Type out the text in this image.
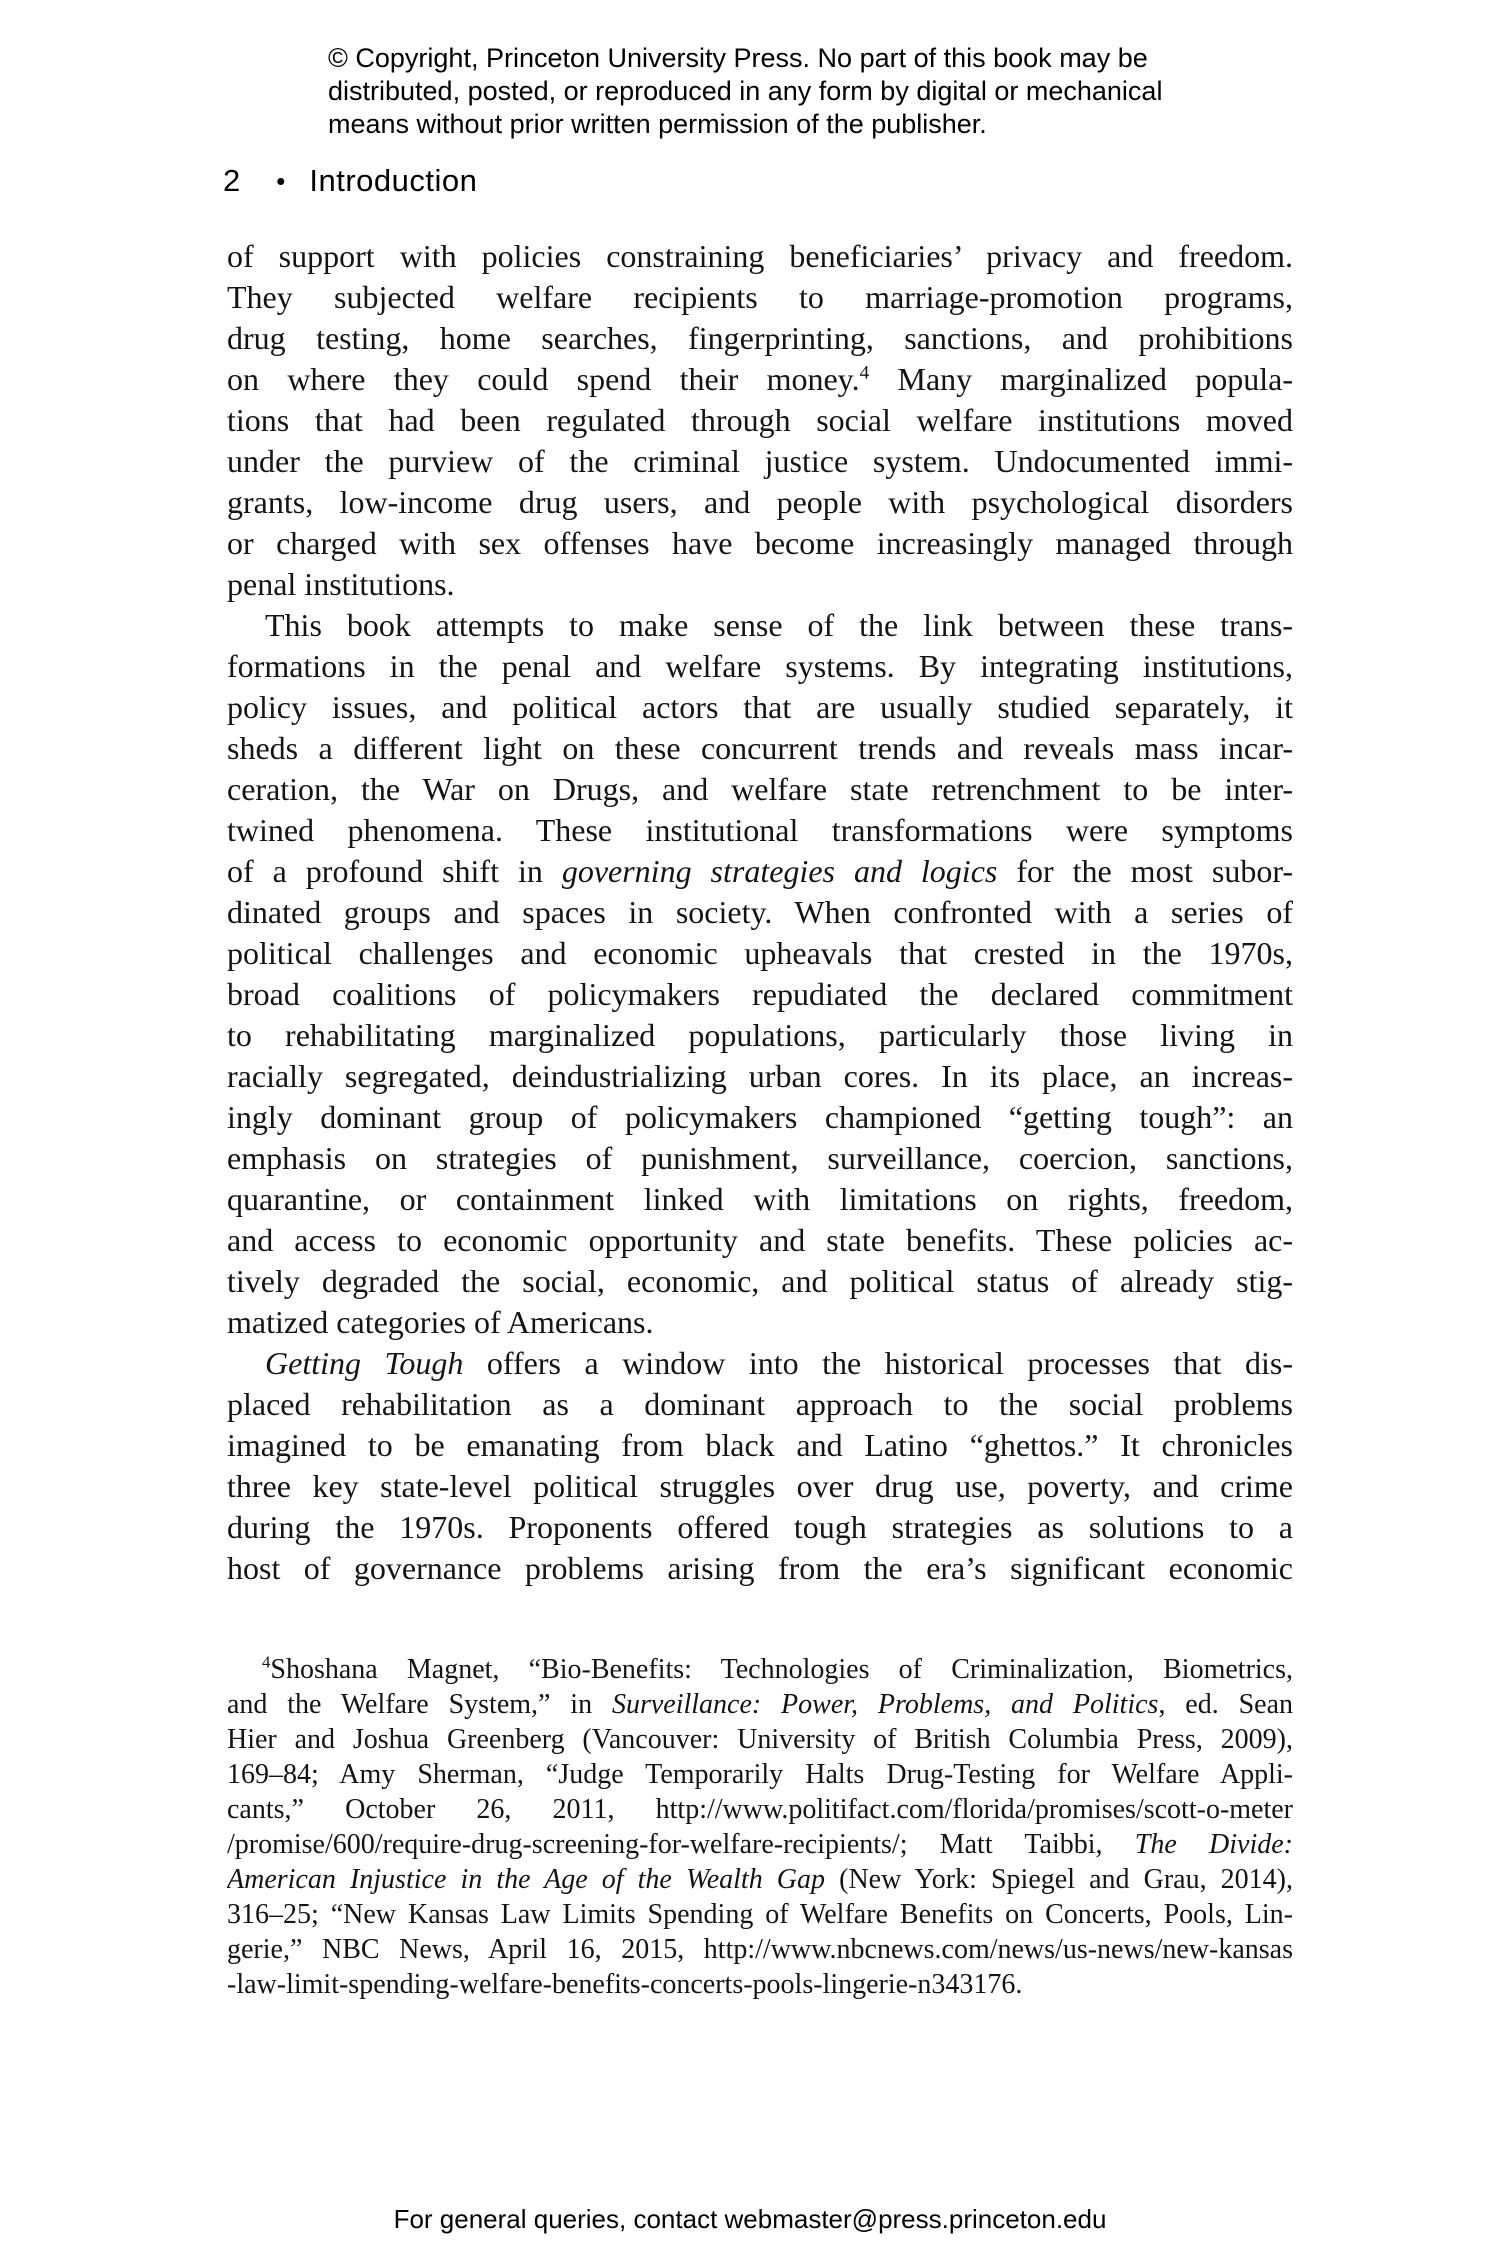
© Copyright, Princeton University Press. No part of this book may be
distributed, posted, or reproduced in any form by digital or mechanical
means without prior written permission of the publisher.
2 • Introduction
of support with policies constraining beneficiaries’ privacy and freedom.
They subjected welfare recipients to marriage-promotion programs,
drug testing, home searches, fingerprinting, sanctions, and prohibitions
on where they could spend their money.$^4$ Many marginalized popula-
tions that had been regulated through social welfare institutions moved
under the purview of the criminal justice system. Undocumented immi-
grants, low-income drug users, and people with psychological disorders
or charged with sex offenses have become increasingly managed through
penal institutions.
This book attempts to make sense of the link between these trans-
formations in the penal and welfare systems. By integrating institutions,
policy issues, and political actors that are usually studied separately, it
sheds a different light on these concurrent trends and reveals mass incar-
ceration, the War on Drugs, and welfare state retrenchment to be inter-
twined phenomena. These institutional transformations were symptoms
of a profound shift in governing strategies and logics for the most subor-
dinated groups and spaces in society. When confronted with a series of
political challenges and economic upheavals that crested in the 1970s,
broad coalitions of policymakers repudiated the declared commitment
to rehabilitating marginalized populations, particularly those living in
racially segregated, deindustrializing urban cores. In its place, an increas-
ingly dominant group of policymakers championed “getting tough”: an
emphasis on strategies of punishment, surveillance, coercion, sanctions,
quarantine, or containment linked with limitations on rights, freedom,
and access to economic opportunity and state benefits. These policies ac-
tively degraded the social, economic, and political status of already stig-
matized categories of Americans.
Getting Tough offers a window into the historical processes that dis-
placed rehabilitation as a dominant approach to the social problems
imagined to be emanating from black and Latino “ghettos.” It chronicles
three key state-level political struggles over drug use, poverty, and crime
during the 1970s. Proponents offered tough strategies as solutions to a
host of governance problems arising from the era’s significant economic
$^4$Shoshana Magnet, “Bio-Benefits: Technologies of Criminalization, Biometrics,
and the Welfare System,” in Surveillance: Power, Problems, and Politics, ed. Sean
Hier and Joshua Greenberg (Vancouver: University of British Columbia Press, 2009),
169–84; Amy Sherman, “Judge Temporarily Halts Drug-Testing for Welfare Appli-
cants,” October 26, 2011, http://www.politifact.com/florida/promises/scott-o-meter
/promise/600/require-drug-screening-for-welfare-recipients/; Matt Taibbi, The Divide:
American Injustice in the Age of the Wealth Gap (New York: Spiegel and Grau, 2014),
316–25; “New Kansas Law Limits Spending of Welfare Benefits on Concerts, Pools, Lin-
gerie,” NBC News, April 16, 2015, http://www.nbcnews.com/news/us-news/new-kansas
-law-limit-spending-welfare-benefits-concerts-pools-lingerie-n343176.
For general queries, contact webmaster@press.princeton.edu
